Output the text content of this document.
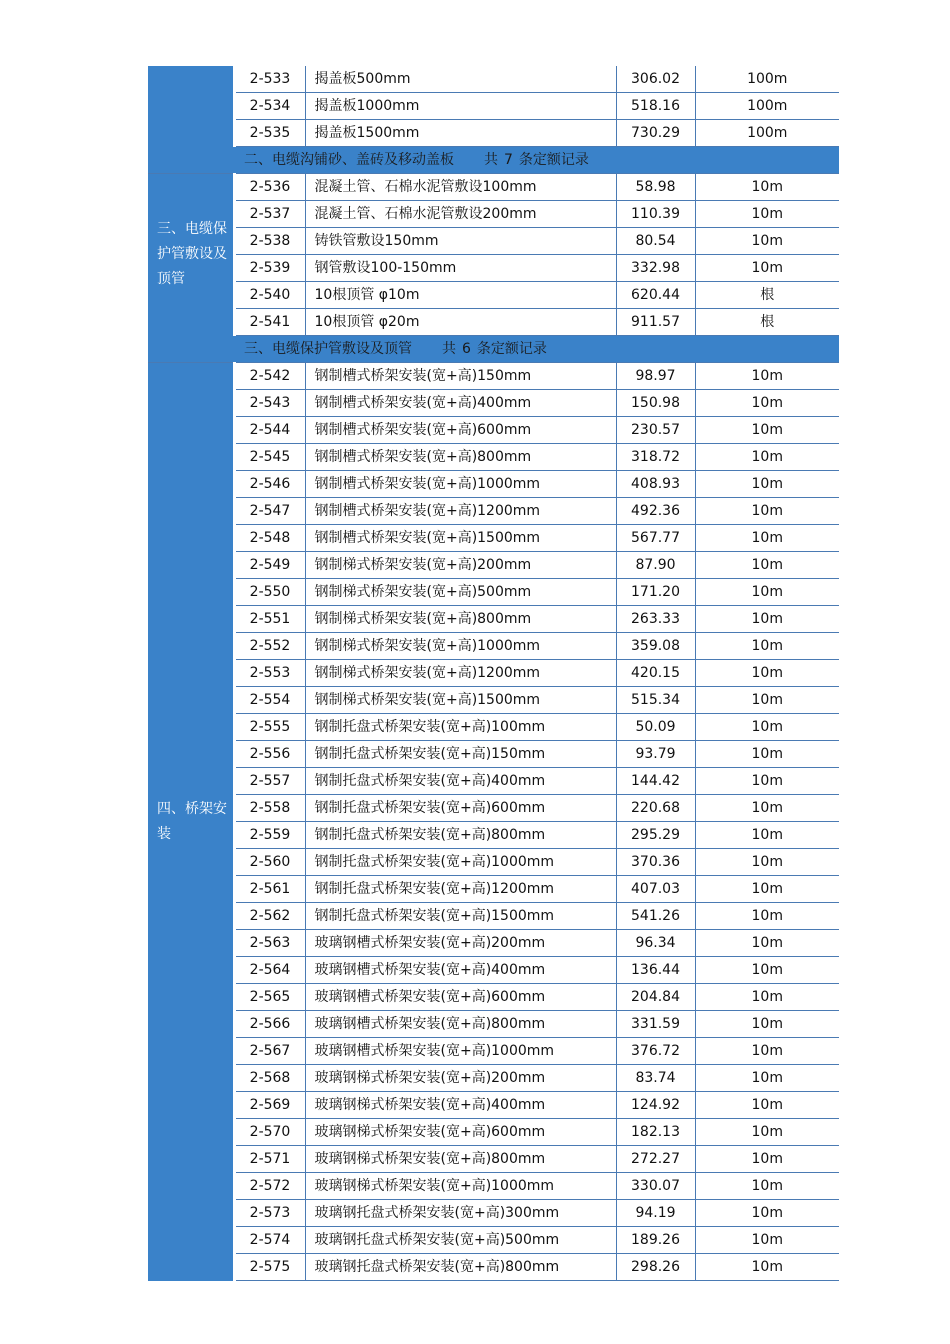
	2-533	揭盖板500mm	306.02	100m
	2-534	揭盖板1000mm	518.16	100m
	2-535	揭盖板1500mm	730.29	100m
二、电缆沟铺砂、盖砖及移动盖板 共 7 条定额记录				
三、电缆保护管敷设及顶管	2-536	混凝土管、石棉水泥管敷设100mm	58.98	10m
	2-537	混凝土管、石棉水泥管敷设200mm	110.39	10m
	2-538	铸铁管敷设150mm	80.54	10m
	2-539	钢管敷设100-150mm	332.98	10m
	2-540	10根顶管 φ10m	620.44	根
	2-541	10根顶管 φ20m	911.57	根
三、电缆保护管敷设及顶管 共 6 条定额记录				
四、桥架安装	2-542	钢制槽式桥架安装(宽+高)150mm	98.97	10m
	2-543	钢制槽式桥架安装(宽+高)400mm	150.98	10m
	2-544	钢制槽式桥架安装(宽+高)600mm	230.57	10m
	2-545	钢制槽式桥架安装(宽+高)800mm	318.72	10m
	2-546	钢制槽式桥架安装(宽+高)1000mm	408.93	10m
	2-547	钢制槽式桥架安装(宽+高)1200mm	492.36	10m
	2-548	钢制槽式桥架安装(宽+高)1500mm	567.77	10m
	2-549	钢制梯式桥架安装(宽+高)200mm	87.90	10m
	2-550	钢制梯式桥架安装(宽+高)500mm	171.20	10m
	2-551	钢制梯式桥架安装(宽+高)800mm	263.33	10m
	2-552	钢制梯式桥架安装(宽+高)1000mm	359.08	10m
	2-553	钢制梯式桥架安装(宽+高)1200mm	420.15	10m
	2-554	钢制梯式桥架安装(宽+高)1500mm	515.34	10m
	2-555	钢制托盘式桥架安装(宽+高)100mm	50.09	10m
	2-556	钢制托盘式桥架安装(宽+高)150mm	93.79	10m
	2-557	钢制托盘式桥架安装(宽+高)400mm	144.42	10m
	2-558	钢制托盘式桥架安装(宽+高)600mm	220.68	10m
	2-559	钢制托盘式桥架安装(宽+高)800mm	295.29	10m
	2-560	钢制托盘式桥架安装(宽+高)1000mm	370.36	10m
	2-561	钢制托盘式桥架安装(宽+高)1200mm	407.03	10m
	2-562	钢制托盘式桥架安装(宽+高)1500mm	541.26	10m
	2-563	玻璃钢槽式桥架安装(宽+高)200mm	96.34	10m
	2-564	玻璃钢槽式桥架安装(宽+高)400mm	136.44	10m
	2-565	玻璃钢槽式桥架安装(宽+高)600mm	204.84	10m
	2-566	玻璃钢槽式桥架安装(宽+高)800mm	331.59	10m
	2-567	玻璃钢槽式桥架安装(宽+高)1000mm	376.72	10m
	2-568	玻璃钢梯式桥架安装(宽+高)200mm	83.74	10m
	2-569	玻璃钢梯式桥架安装(宽+高)400mm	124.92	10m
	2-570	玻璃钢梯式桥架安装(宽+高)600mm	182.13	10m
	2-571	玻璃钢梯式桥架安装(宽+高)800mm	272.27	10m
	2-572	玻璃钢梯式桥架安装(宽+高)1000mm	330.07	10m
	2-573	玻璃钢托盘式桥架安装(宽+高)300mm	94.19	10m
	2-574	玻璃钢托盘式桥架安装(宽+高)500mm	189.26	10m
	2-575	玻璃钢托盘式桥架安装(宽+高)800mm	298.26	10m
